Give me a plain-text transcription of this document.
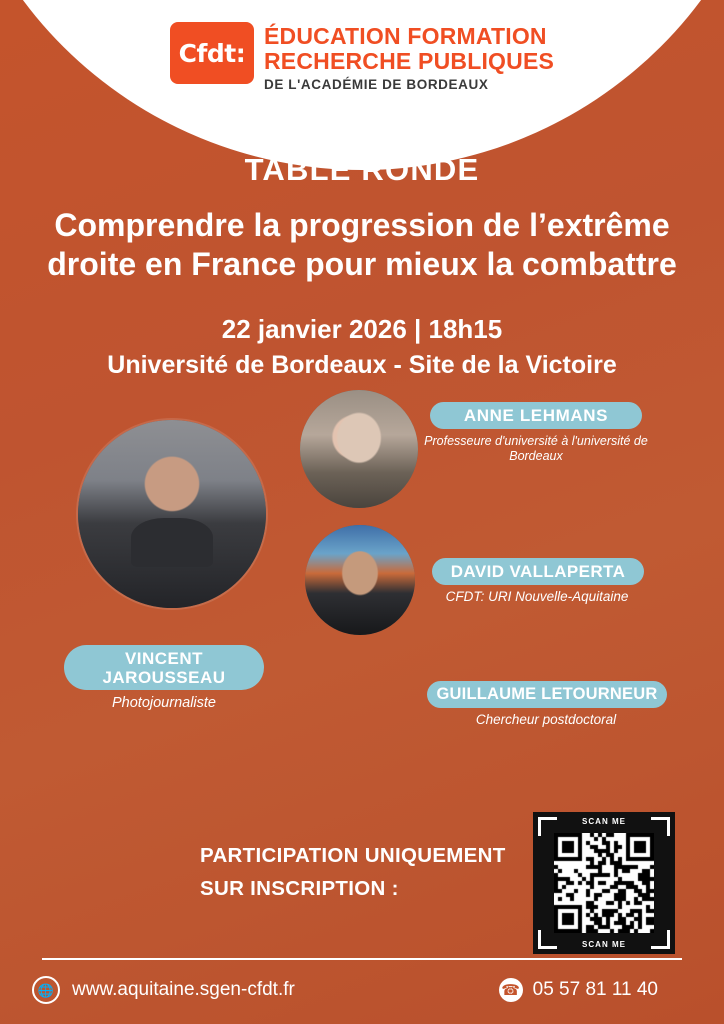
Cfdt:
ÉDUCATION FORMATION
RECHERCHE PUBLIQUES
DE L'ACADÉMIE DE BORDEAUX
TABLE RONDE
Comprendre la progression de l’extrême droite en France pour mieux la combattre
22 janvier 2026 | 18h15
Université de Bordeaux - Site de la Victoire
ANNE LEHMANS
Professeure d'université à l'université de Bordeaux
DAVID VALLAPERTA
CFDT: URI Nouvelle-Aquitaine
GUILLAUME LETOURNEUR
Chercheur postdoctoral
VINCENT
JAROUSSEAU
Photojournaliste
PARTICIPATION UNIQUEMENT
SUR INSCRIPTION :
SCAN ME
SCAN ME
🌐 www.aquitaine.sgen-cfdt.fr	☎ 05 57 81 11 40
